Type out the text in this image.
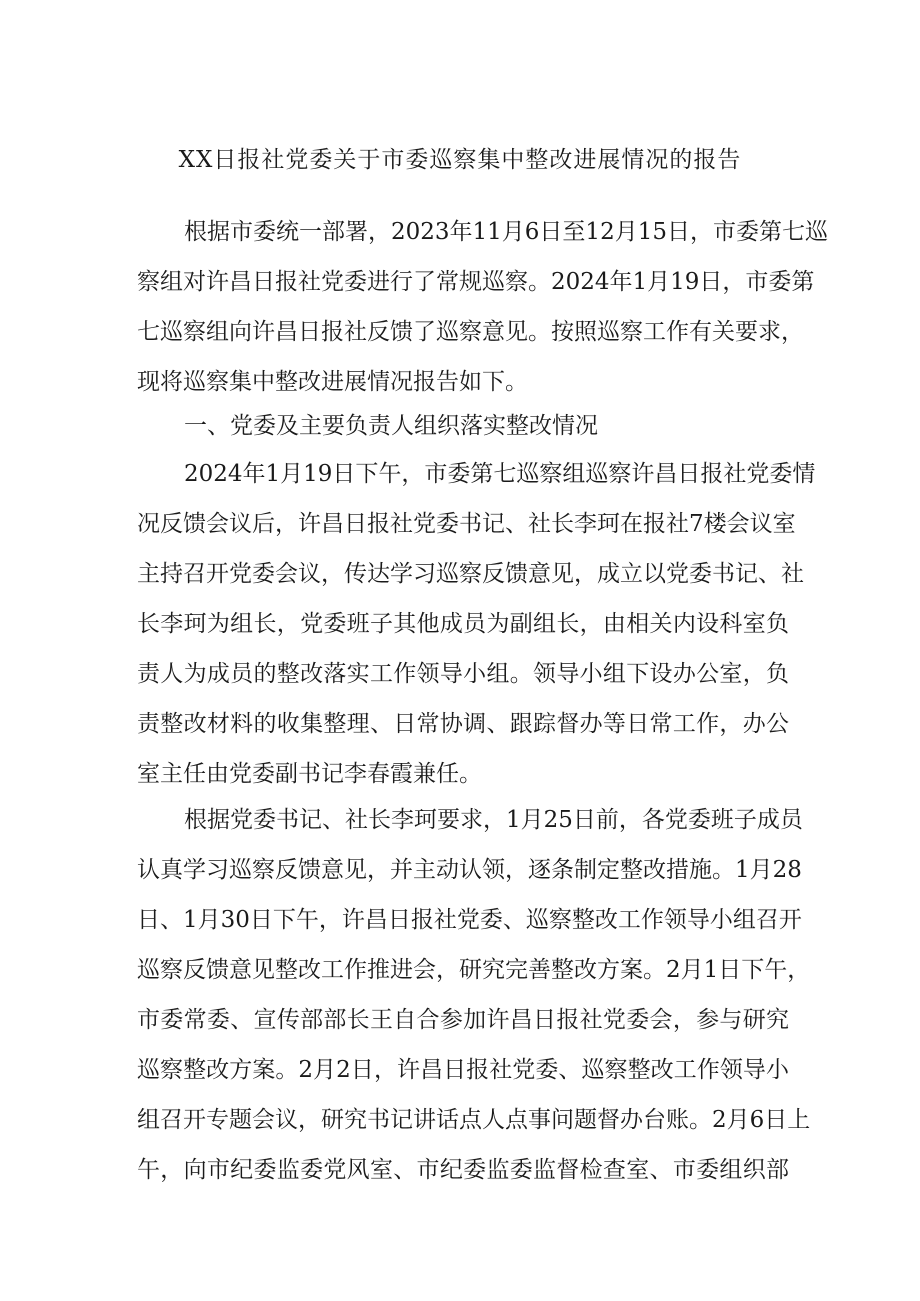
XX日报社党委关于市委巡察集中整改进展情况的报告
根据市委统一部署，2023年11月6日至12月15日，市委第七巡
察组对许昌日报社党委进行了常规巡察。2024年1月19日，市委第
七巡察组向许昌日报社反馈了巡察意见。按照巡察工作有关要求，
现将巡察集中整改进展情况报告如下。
一、党委及主要负责人组织落实整改情况
2024年1月19日下午，市委第七巡察组巡察许昌日报社党委情
况反馈会议后，许昌日报社党委书记、社长李珂在报社7楼会议室
主持召开党委会议，传达学习巡察反馈意见，成立以党委书记、社
长李珂为组长，党委班子其他成员为副组长，由相关内设科室负
责人为成员的整改落实工作领导小组。领导小组下设办公室，负
责整改材料的收集整理、日常协调、跟踪督办等日常工作，办公
室主任由党委副书记李春霞兼任。
根据党委书记、社长李珂要求，1月25日前，各党委班子成员
认真学习巡察反馈意见，并主动认领，逐条制定整改措施。1月28
日、1月30日下午，许昌日报社党委、巡察整改工作领导小组召开
巡察反馈意见整改工作推进会，研究完善整改方案。2月1日下午，
市委常委、宣传部部长王自合参加许昌日报社党委会，参与研究
巡察整改方案。2月2日，许昌日报社党委、巡察整改工作领导小
组召开专题会议，研究书记讲话点人点事问题督办台账。2月6日上
午，向市纪委监委党风室、市纪委监委监督检查室、市委组织部
